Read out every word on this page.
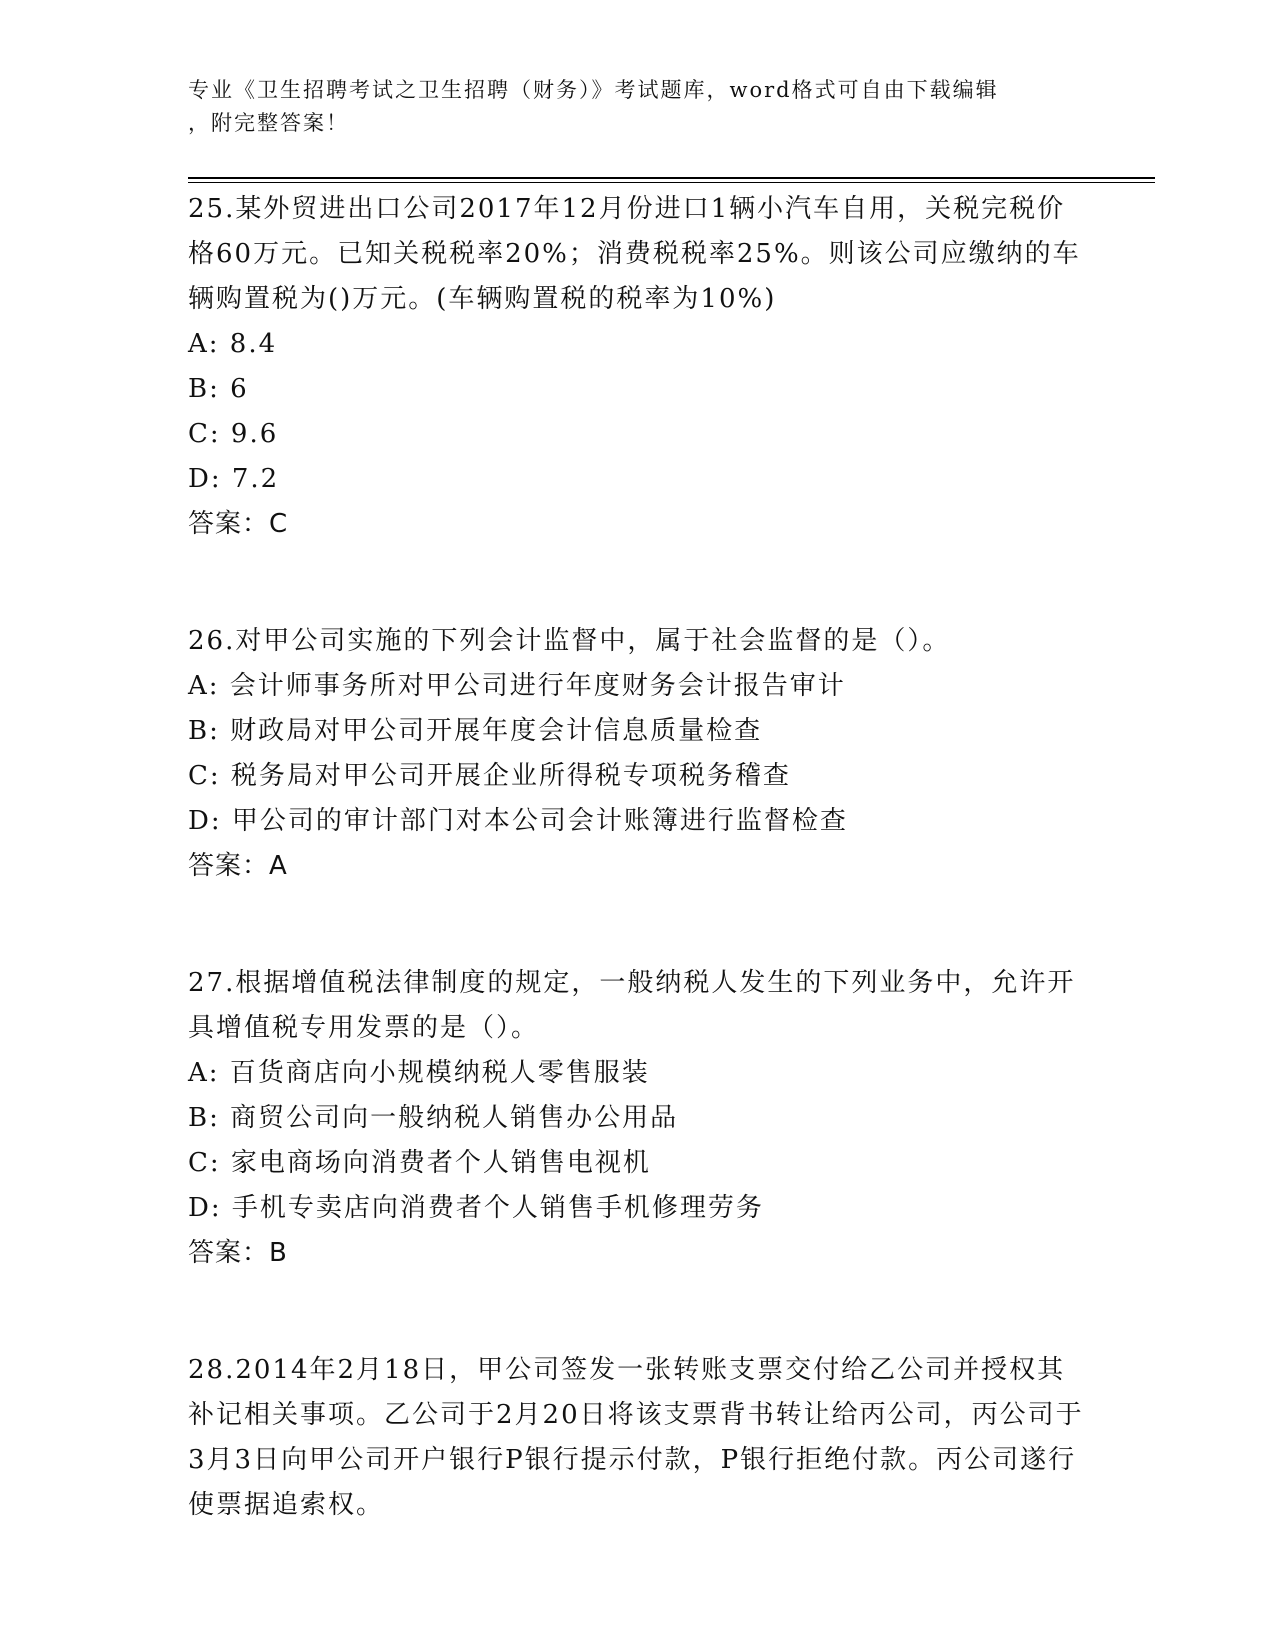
专业《卫生招聘考试之卫生招聘（财务）》考试题库，word格式可自由下载编辑
，附完整答案！

25.某外贸进出口公司2017年12月份进口1辆小汽车自用，关税完税价格60万元。已知关税税率20%；消费税税率25%。则该公司应缴纳的车辆购置税为()万元。(车辆购置税的税率为10%)

A: 8.4

B: 6

C: 9.6

D: 7.2

答案：C

26.对甲公司实施的下列会计监督中，属于社会监督的是（）。

A: 会计师事务所对甲公司进行年度财务会计报告审计

B: 财政局对甲公司开展年度会计信息质量检查

C: 税务局对甲公司开展企业所得税专项税务稽查

D: 甲公司的审计部门对本公司会计账簿进行监督检查

答案：A

27.根据增值税法律制度的规定，一般纳税人发生的下列业务中，允许开具增值税专用发票的是（）。

A: 百货商店向小规模纳税人零售服装

B: 商贸公司向一般纳税人销售办公用品

C: 家电商场向消费者个人销售电视机

D: 手机专卖店向消费者个人销售手机修理劳务

答案：B

28.2014年2月18日，甲公司签发一张转账支票交付给乙公司并授权其补记相关事项。乙公司于2月20日将该支票背书转让给丙公司，丙公司于3月3日向甲公司开户银行P银行提示付款，P银行拒绝付款。丙公司遂行使票据追索权。
